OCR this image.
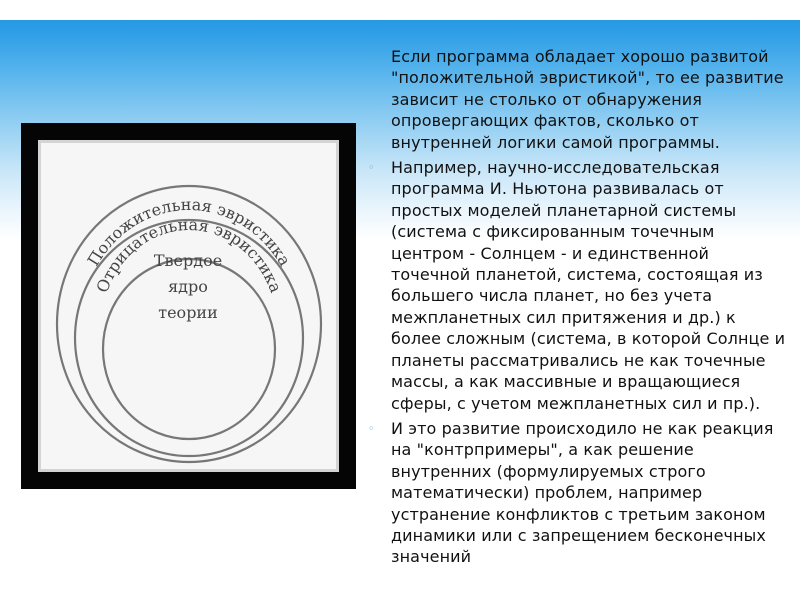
Положительная эвристика
Отрицательная эвристика
Твердое
ядро
теории
◦ Если программа обладает хорошо развитой "положительной эвристикой", то ее развитие зависит не столько от обнаружения опровергающих фактов, сколько от внутренней логики самой программы.
◦ Например, научно-исследовательская программа И. Ньютона развивалась от простых моделей планетарной системы (система с фиксированным точечным центром - Солнцем - и единственной точечной планетой, система, состоящая из большего числа планет, но без учета межпланетных сил притяжения и др.) к более сложным (система, в которой Солнце и планеты рассматривались не как точечные массы, а как массивные и вращающиеся сферы, с учетом межпланетных сил и пр.).
◦ И это развитие происходило не как реакция на "контрпримеры", а как решение внутренних (формулируемых строго математически) проблем, например устранение конфликтов с третьим законом динамики или с запрещением бесконечных значений
